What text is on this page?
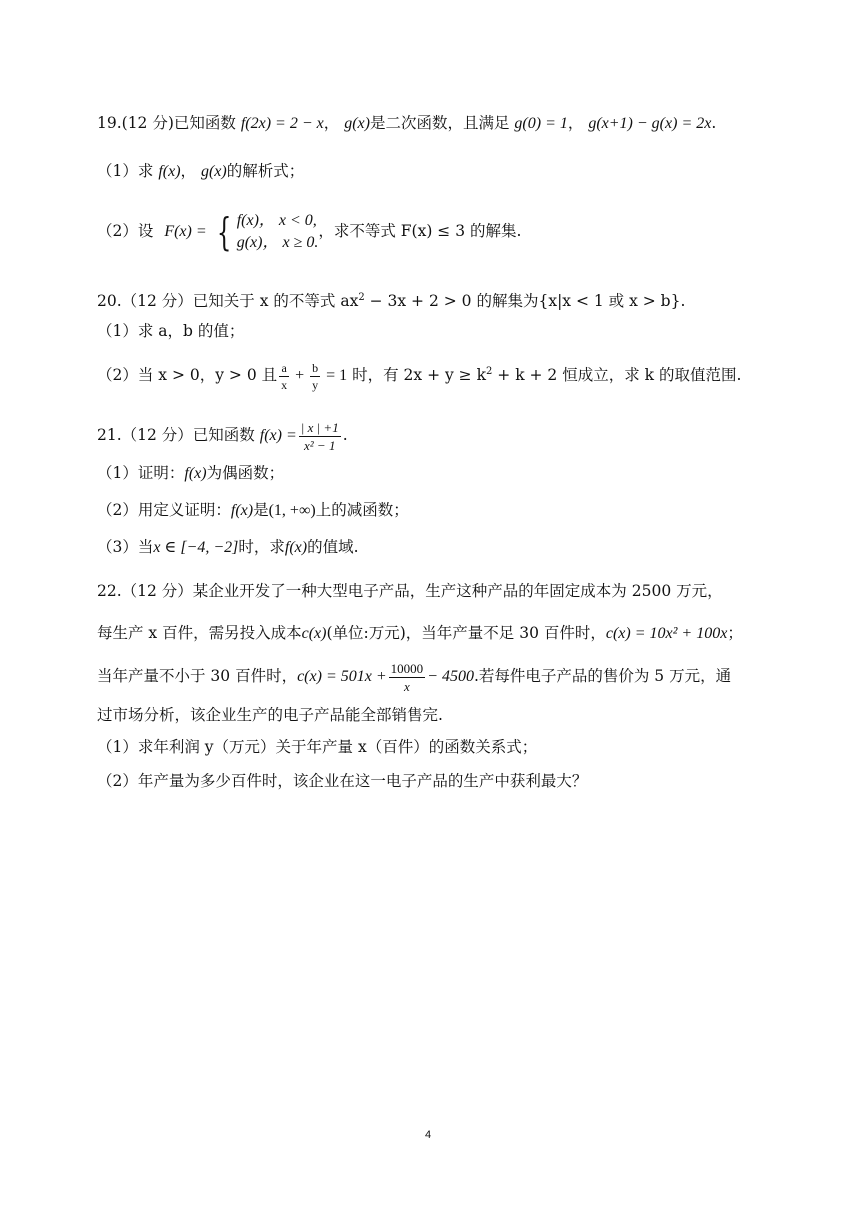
19.(12 分)已知函数 f(2x) = 2 − x， g(x)是二次函数，且满足 g(0) = 1， g(x+1) − g(x) = 2x.
（1）求 f(x)， g(x)的解析式；
（2）设 F(x) = { f(x)， x < 0,
g(x)， x ≥ 0.
，求不等式 F(x) ≤ 3 的解集.
20.（12 分）已知关于 x 的不等式 $ax^2 - 3x + 2 > 0$ 的解集为{x|x < 1 或 x > b}.
（1）求 a，b 的值；
（2）当 x > 0，y > 0 且 $\frac{a}{x} + \frac{b}{y} = 1$ 时，有 $2x + y \ge k^2 + k + 2$ 恒成立，求 k 的取值范围.
21.（12 分）已知函数 $f(x) = \frac{| x | +1}{\text{x² − 1}}$ .
（1）证明：f(x)为偶函数；
（2）用定义证明：f(x)是(1, +∞)上的减函数；
（3）当x ∈ [−4, −2]时，求f(x)的值域.
22.（12 分）某企业开发了一种大型电子产品，生产这种产品的年固定成本为 2500 万元，
每生产 x 百件，需另投入成本c(x)(单位:万元)，当年产量不足 30 百件时，c(x) = 10x² + 100x；
当年产量不小于 30 百件时，$c(x) = 501x + \frac{10000}{x} - 4500$.若每件电子产品的售价为 5 万元，通
过市场分析，该企业生产的电子产品能全部销售完.
（1）求年利润 y（万元）关于年产量 x（百件）的函数关系式；
（2）年产量为多少百件时，该企业在这一电子产品的生产中获利最大？
4
